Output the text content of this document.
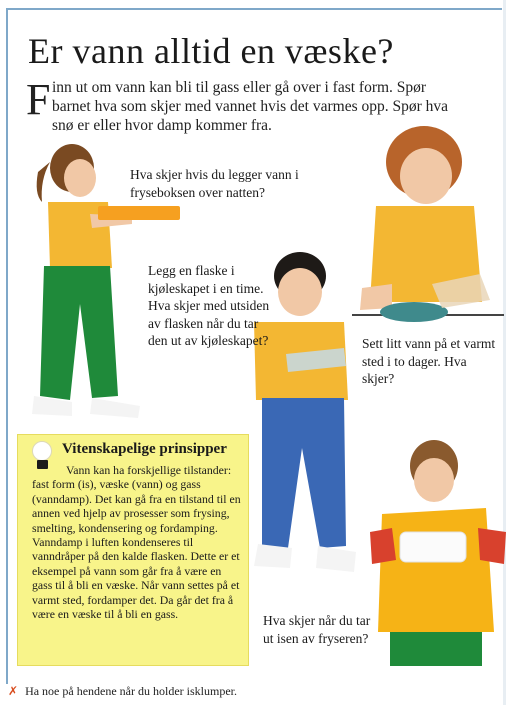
Er vann alltid en væske?
F inn ut om vann kan bli til gass eller gå over i fast form. Spør barnet hva som skjer med vannet hvis det varmes opp. Spør hva snø er eller hvor damp kommer fra.
Hva skjer hvis du legger vann i fryseboksen over natten?
Legg en flaske i kjøleskapet i en time. Hva skjer med utsiden av flasken når du tar den ut av kjøleskapet?	Sett litt vann på et varmt sted i to dager. Hva skjer?
Hva skjer når du tar ut isen av fryseren?
Vitenskapelige prinsipper
Vann kan ha forskjellige tilstander: fast form (is), væske (vann) og gass (vanndamp). Det kan gå fra en tilstand til en annen ved hjelp av prosesser som frysing, smelting, kondensering og fordamping. Vanndamp i luften kondenseres til vanndråper på den kalde flasken. Dette er et eksempel på vann som går fra å være en gass til å bli en væske. Når vann settes på et varmt sted, fordamper det. Da går det fra å være en væske til å bli en gass.
✗ Ha noe på hendene når du holder isklumper.
